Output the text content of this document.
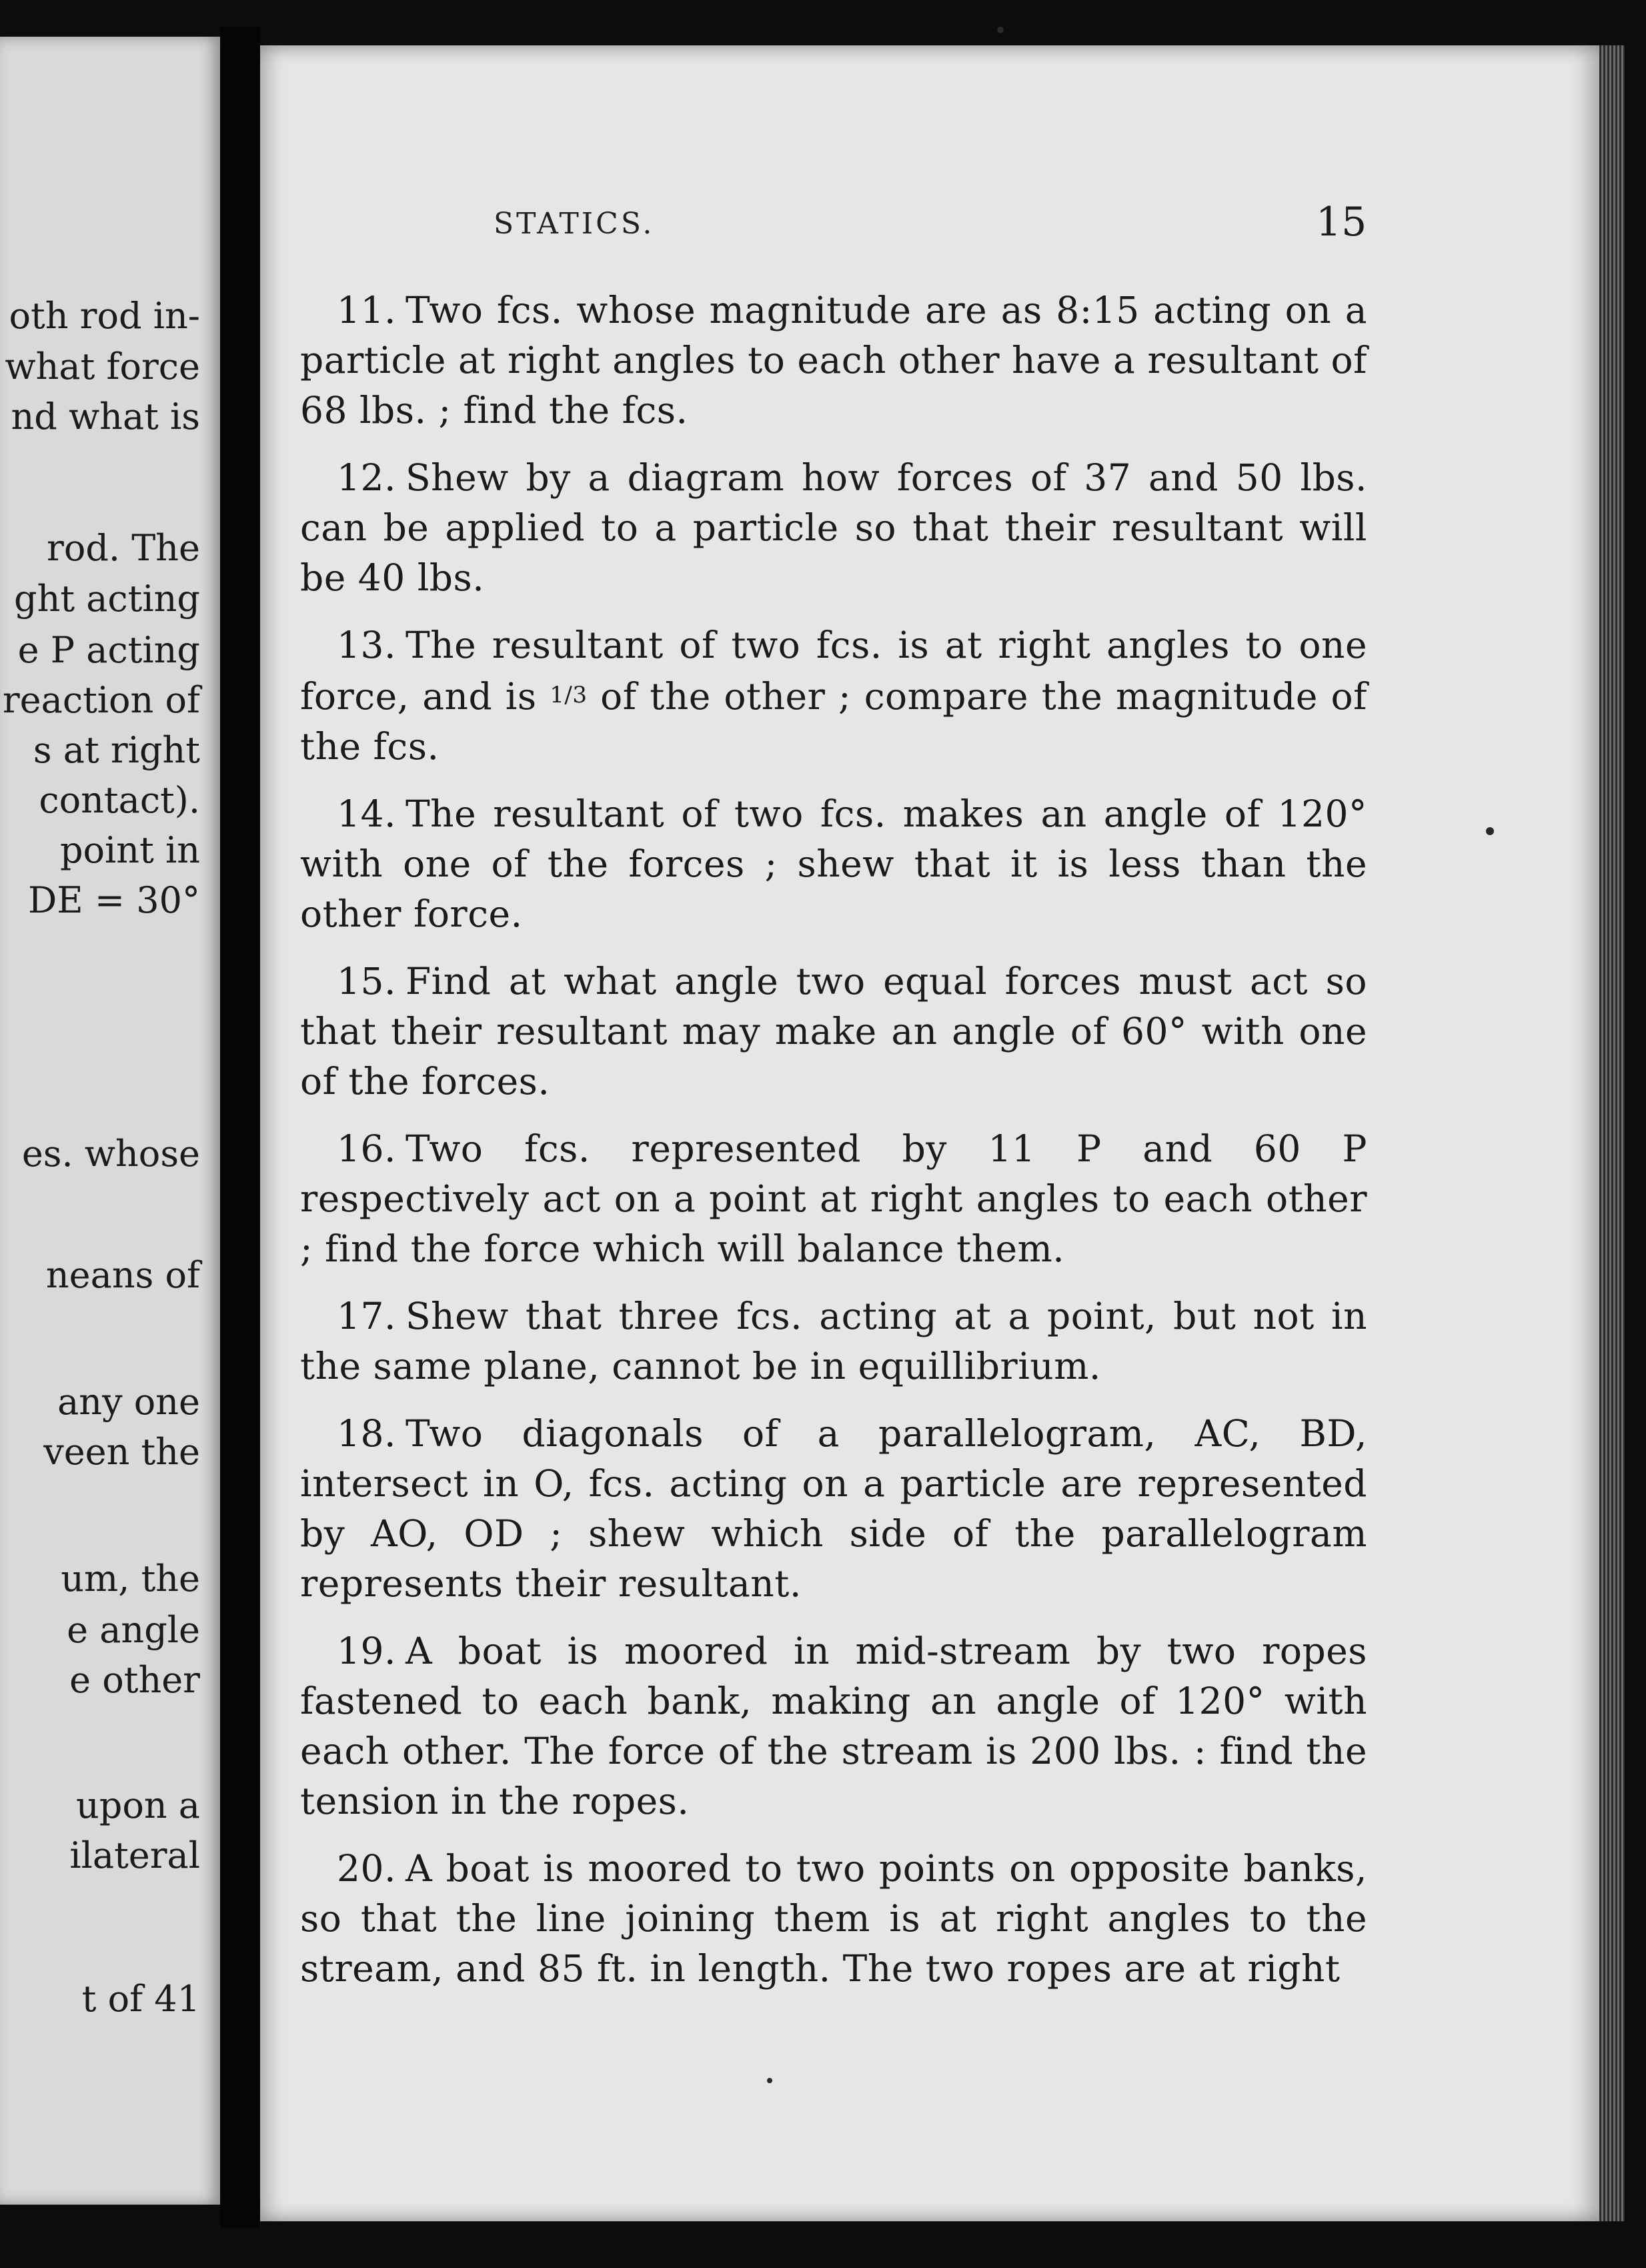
oth rod in-
what force
nd what is
rod. The
ght acting
e P acting
reaction of
s at right
contact).
point in
DE = 30°
es. whose
neans of
any one
veen the
um, the
e angle
e other
upon a
ilateral
t of 41
STATICS.	15

11. Two fcs. whose magnitude are as 8:15 acting on a particle at right angles to each other have a resultant of 68 lbs. ; find the fcs.

12. Shew by a diagram how forces of 37 and 50 lbs. can be applied to a particle so that their resultant will be 40 lbs.

13. The resultant of two fcs. is at right angles to one force, and is 1/3 of the other ; compare the magnitude of the fcs.

14. The resultant of two fcs. makes an angle of 120° with one of the forces ; shew that it is less than the other force.

15. Find at what angle two equal forces must act so that their resultant may make an angle of 60° with one of the forces.

16. Two fcs. represented by 11 P and 60 P respectively act on a point at right angles to each other ; find the force which will balance them.

17. Shew that three fcs. acting at a point, but not in the same plane, cannot be in equillibrium.

18. Two diagonals of a parallelogram, AC, BD, intersect in O, fcs. acting on a particle are represented by AO, OD ; shew which side of the parallelogram represents their resultant.

19. A boat is moored in mid-stream by two ropes fastened to each bank, making an angle of 120° with each other. The force of the stream is 200 lbs. : find the tension in the ropes.

20. A boat is moored to two points on opposite banks, so that the line joining them is at right angles to the stream, and 85 ft. in length. The two ropes are at right
